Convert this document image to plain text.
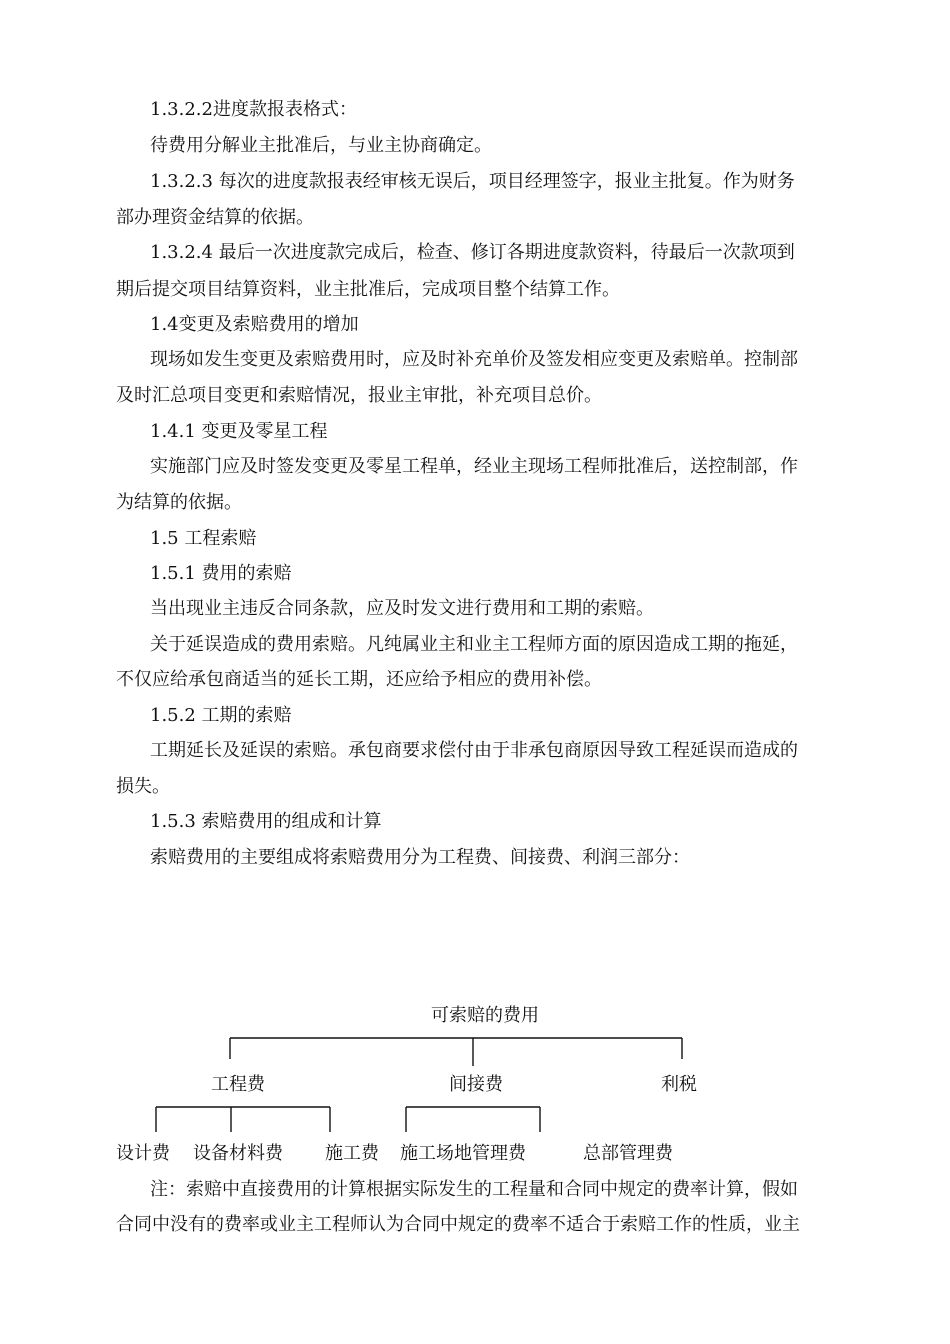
1.3.2.2进度款报表格式：
待费用分解业主批准后，与业主协商确定。
1.3.2.3 每次的进度款报表经审核无误后，项目经理签字，报业主批复。作为财务
部办理资金结算的依据。
1.3.2.4 最后一次进度款完成后，检查、修订各期进度款资料，待最后一次款项到
期后提交项目结算资料，业主批准后，完成项目整个结算工作。
1.4变更及索赔费用的增加
现场如发生变更及索赔费用时，应及时补充单价及签发相应变更及索赔单。控制部
及时汇总项目变更和索赔情况，报业主审批，补充项目总价。
1.4.1 变更及零星工程
实施部门应及时签发变更及零星工程单，经业主现场工程师批准后，送控制部，作
为结算的依据。
1.5 工程索赔
1.5.1 费用的索赔
当出现业主违反合同条款，应及时发文进行费用和工期的索赔。
关于延误造成的费用索赔。凡纯属业主和业主工程师方面的原因造成工期的拖延，
不仅应给承包商适当的延长工期，还应给予相应的费用补偿。
1.5.2 工期的索赔
工期延长及延误的索赔。承包商要求偿付由于非承包商原因导致工程延误而造成的
损失。
1.5.3 索赔费用的组成和计算
索赔费用的主要组成将索赔费用分为工程费、间接费、利润三部分：
可索赔的费用
工程费	间接费	利税
设计费 设备材料费 施工费 施工场地管理费	总部管理费
注：索赔中直接费用的计算根据实际发生的工程量和合同中规定的费率计算，假如
合同中没有的费率或业主工程师认为合同中规定的费率不适合于索赔工作的性质，业主
